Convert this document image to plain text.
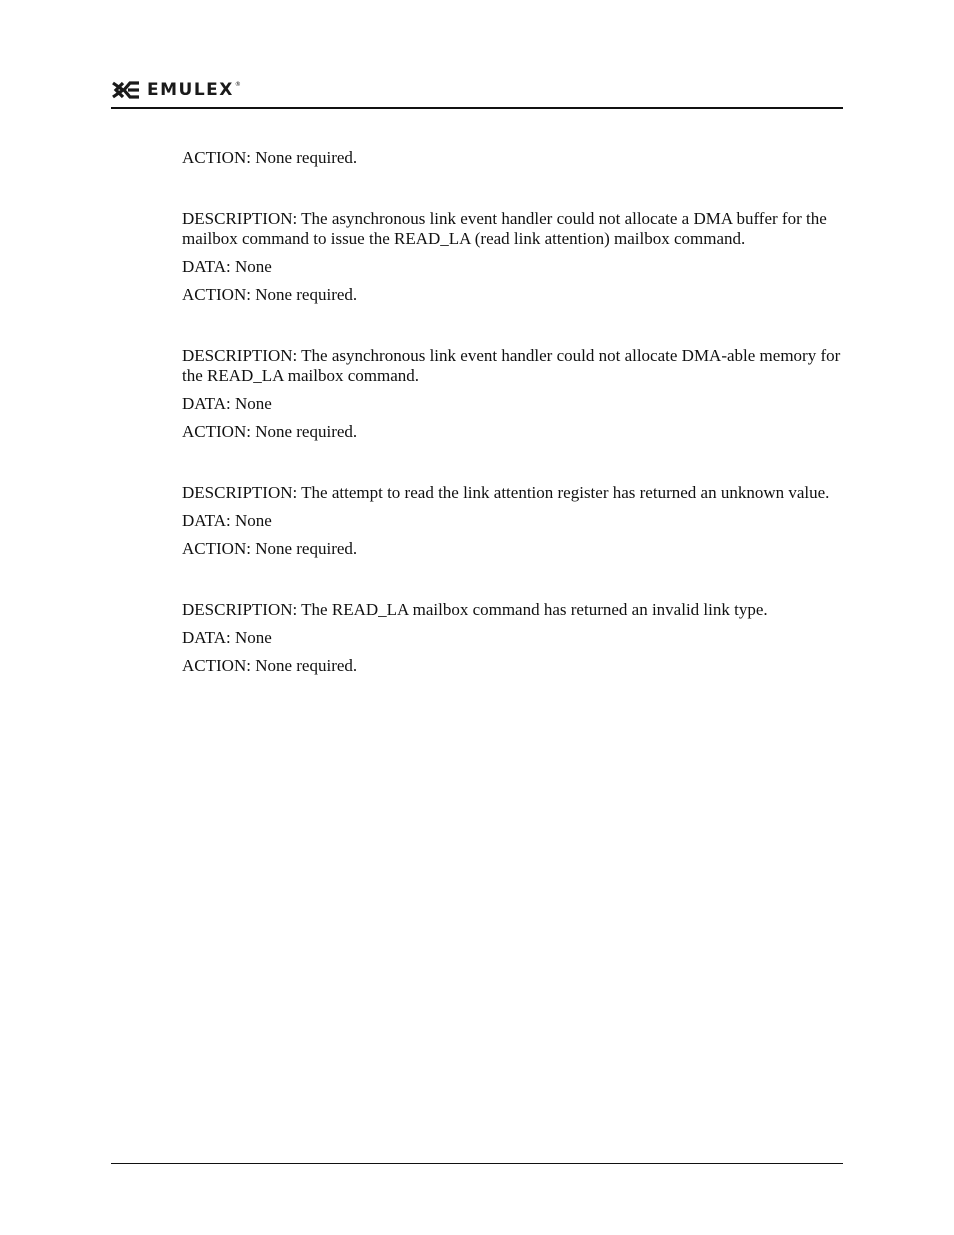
EMULEX ®

ACTION: None required.

DESCRIPTION: The asynchronous link event handler could not allocate a DMA buffer for the mailbox command to issue the READ_LA (read link attention) mailbox command.

DATA: None

ACTION: None required.

DESCRIPTION: The asynchronous link event handler could not allocate DMA-able memory for the READ_LA mailbox command.

DATA: None

ACTION: None required.

DESCRIPTION: The attempt to read the link attention register has returned an unknown value.

DATA: None

ACTION: None required.

DESCRIPTION: The READ_LA mailbox command has returned an invalid link type.

DATA: None

ACTION: None required.
